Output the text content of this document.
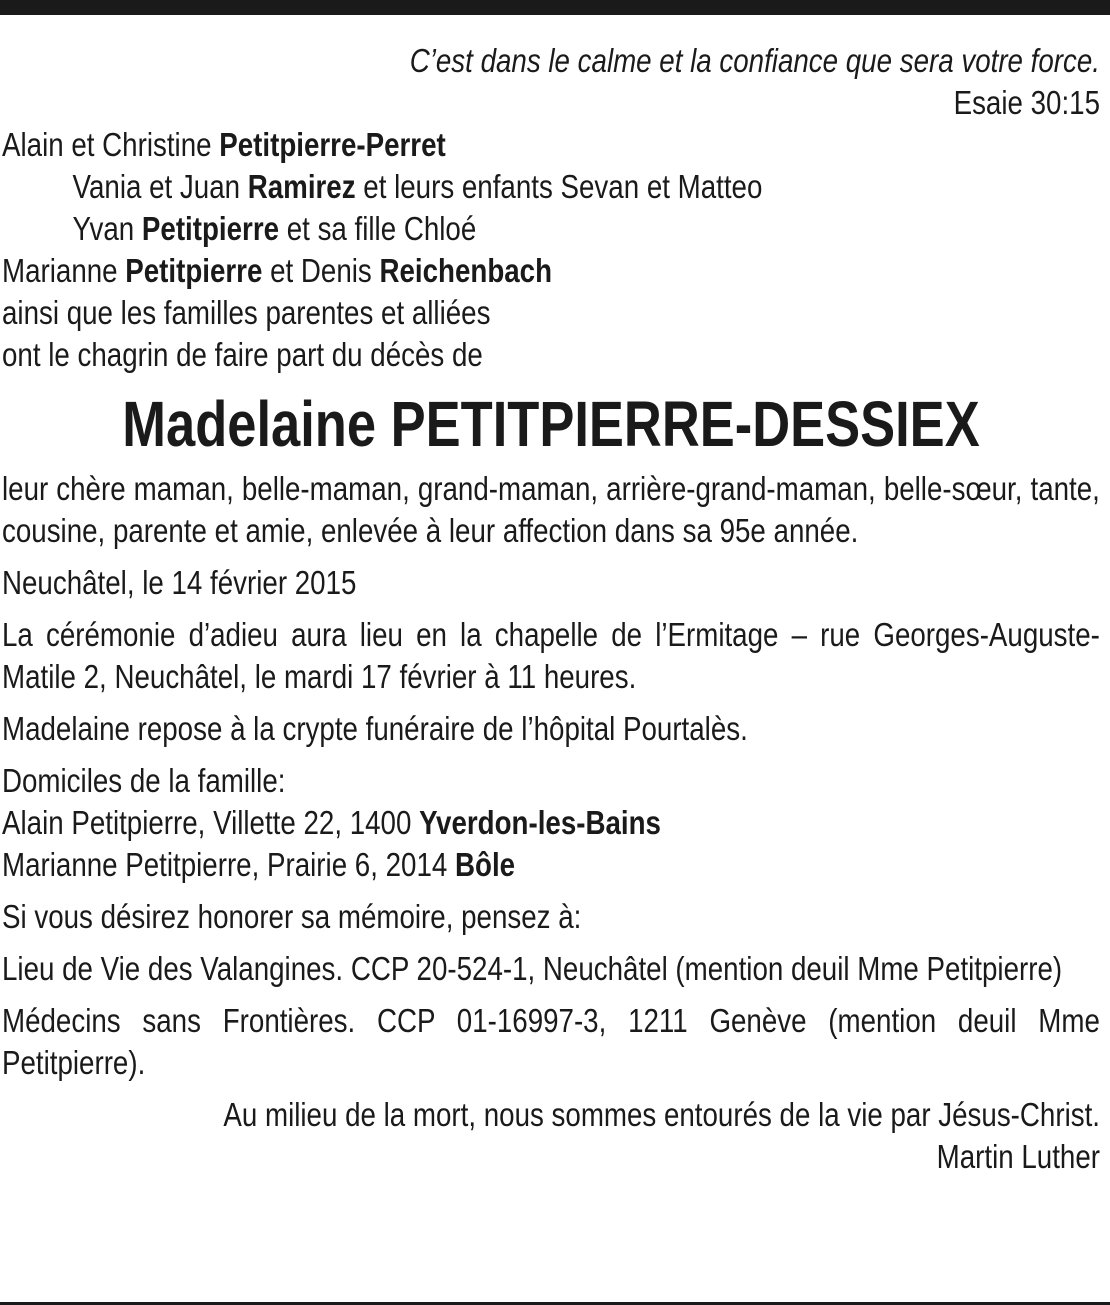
C’est dans le calme et la confiance que sera votre force.
Esaie 30:15
Alain et Christine Petitpierre-Perret
Vania et Juan Ramirez et leurs enfants Sevan et Matteo
Yvan Petitpierre et sa fille Chloé
Marianne Petitpierre et Denis Reichenbach
ainsi que les familles parentes et alliées
ont le chagrin de faire part du décès de
Madelaine PETITPIERRE-DESSIEX
leur chère maman, belle-maman, grand-maman, arrière-grand-maman, belle-sœur, tante, cousine, parente et amie, enlevée à leur affection dans sa 95e année.
Neuchâtel, le 14 février 2015
La cérémonie d’adieu aura lieu en la chapelle de l’Ermitage – rue Georges-Auguste-Matile 2, Neuchâtel, le mardi 17 février à 11 heures.
Madelaine repose à la crypte funéraire de l’hôpital Pourtalès.
Domiciles de la famille:
Alain Petitpierre, Villette 22, 1400 Yverdon-les-Bains
Marianne Petitpierre, Prairie 6, 2014 Bôle
Si vous désirez honorer sa mémoire, pensez à:
Lieu de Vie des Valangines. CCP 20-524-1, Neuchâtel (mention deuil Mme Petitpierre)
Médecins sans Frontières. CCP 01-16997-3, 1211 Genève (mention deuil Mme Petitpierre).
Au milieu de la mort, nous sommes entourés de la vie par Jésus-Christ.
Martin Luther
